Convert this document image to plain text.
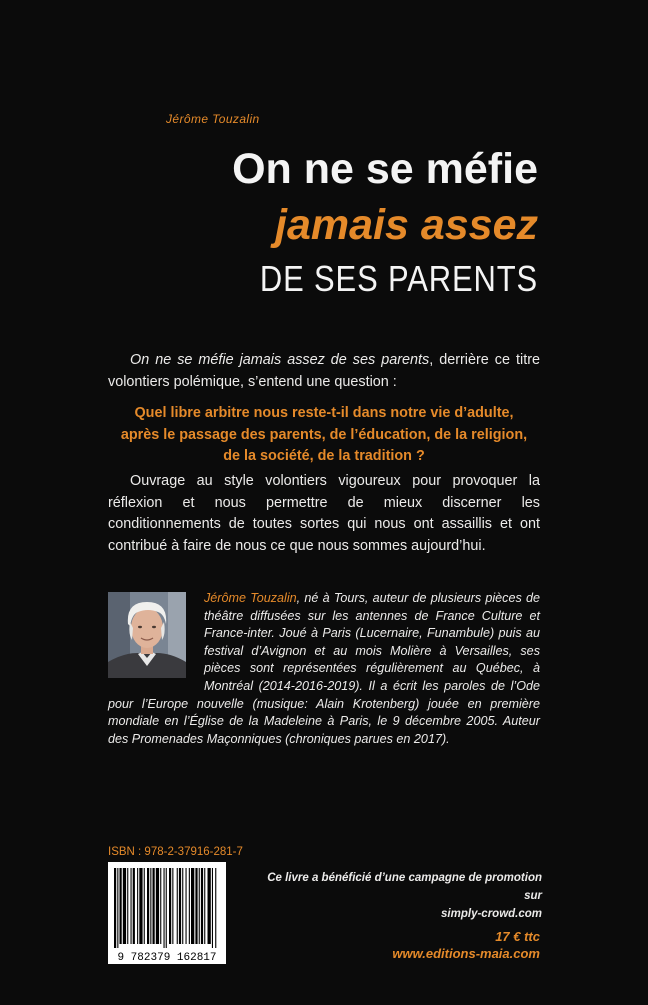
Jérôme Touzalin
On ne se méfie
jamais assez
DE SES PARENTS
On ne se méfie jamais assez de ses parents, derrière ce titre volontiers polémique, s’entend une question :
Quel libre arbitre nous reste-t-il dans notre vie d’adulte,
après le passage des parents, de l’éducation, de la religion,
de la société, de la tradition ?
Ouvrage au style volontiers vigoureux pour provoquer la réflexion et nous permettre de mieux discerner les conditionnements de toutes sortes qui nous ont assaillis et ont contribué à faire de nous ce que nous sommes aujourd’hui.
Jérôme Touzalin, né à Tours, auteur de plusieurs pièces de théâtre diffusées sur les antennes de France Culture et France-inter. Joué à Paris (Lucernaire, Funambule) puis au festival d’Avignon et au mois Molière à Versailles, ses pièces sont représentées régulièrement au Québec, à Montréal (2014-2016-2019). Il a écrit les paroles de l’Ode pour l’Europe nouvelle (musique: Alain Krotenberg) jouée en première mondiale en l’Église de la Madeleine à Paris, le 9 décembre 2005. Auteur des Promenades Maçonniques (chroniques parues en 2017).
ISBN : 978-2-37916-281-7
9 782379 162817
Ce livre a bénéficié d’une campagne de promotion sur
simply-crowd.com
17 € ttc
www.editions-maia.com
